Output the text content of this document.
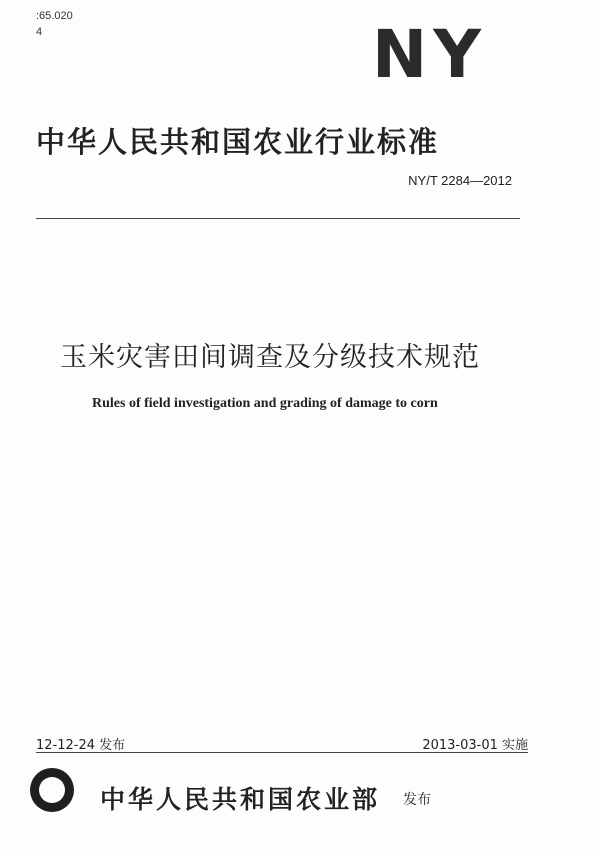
:65.020
4	NY
中华人民共和国农业行业标准
NY/T 2284—2012
玉米灾害田间调查及分级技术规范
Rules of field investigation and grading of damage to corn
12-12-24 发布	2013-03-01 实施
中华人民共和国农业部 发布
